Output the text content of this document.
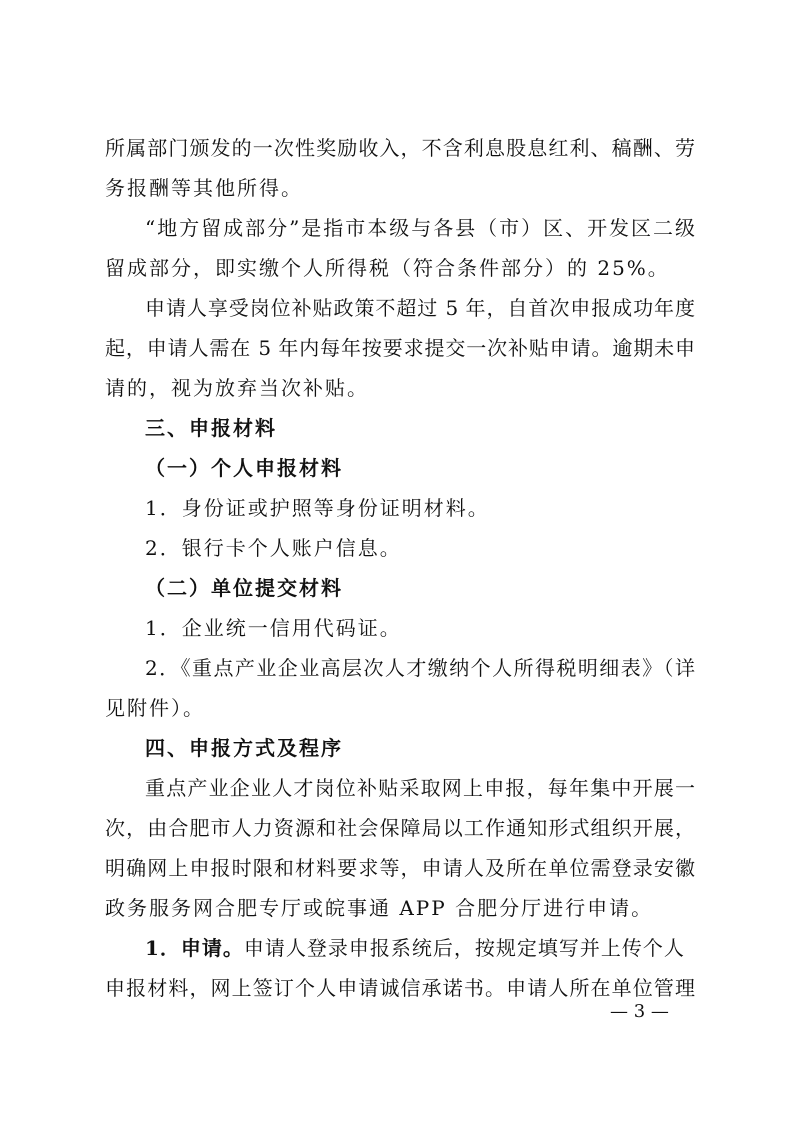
所属部门颁发的一次性奖励收入，不含利息股息红利、稿酬、劳
务报酬等其他所得。
“地方留成部分”是指市本级与各县（市）区、开发区二级
留成部分，即实缴个人所得税（符合条件部分）的 25%。
申请人享受岗位补贴政策不超过 5 年，自首次申报成功年度
起，申请人需在 5 年内每年按要求提交一次补贴申请。逾期未申
请的，视为放弃当次补贴。
三、申报材料
（一）个人申报材料
1．身份证或护照等身份证明材料。
2．银行卡个人账户信息。
（二）单位提交材料
1．企业统一信用代码证。
2．《重点产业企业高层次人才缴纳个人所得税明细表》（详
见附件）。
四、申报方式及程序
重点产业企业人才岗位补贴采取网上申报，每年集中开展一
次，由合肥市人力资源和社会保障局以工作通知形式组织开展，
明确网上申报时限和材料要求等，申请人及所在单位需登录安徽
政务服务网合肥专厅或皖事通 APP 合肥分厅进行申请。
1．申请。申请人登录申报系统后，按规定填写并上传个人
申报材料，网上签订个人申请诚信承诺书。申请人所在单位管理
— 3 —
